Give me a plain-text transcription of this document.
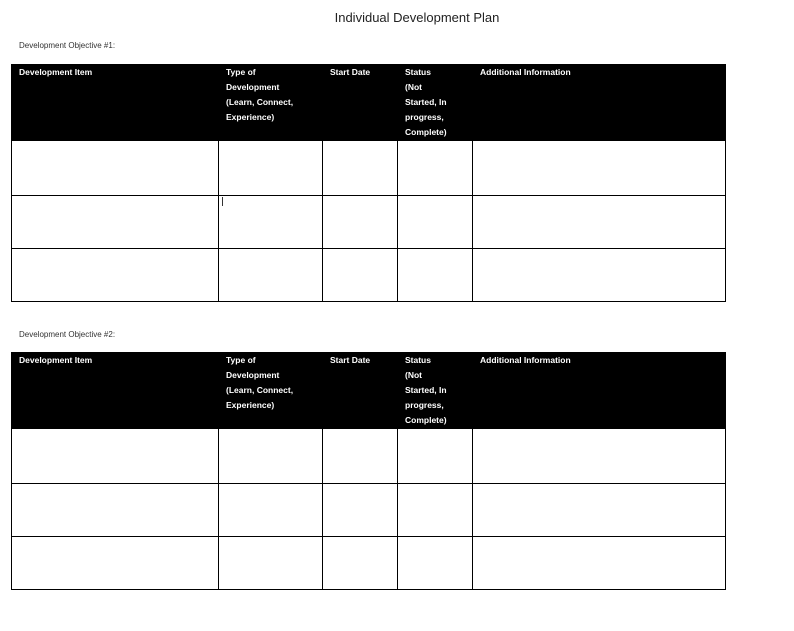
Individual Development Plan
Development Objective #1:
Development Item	Type of
Development
(Learn, Connect,
Experience)	Start Date	Status
(Not
Started, In
progress,
Complete)	Additional Information

Development Objective #2:
Development Item	Type of
Development
(Learn, Connect,
Experience)	Start Date	Status
(Not
Started, In
progress,
Complete)	Additional Information
